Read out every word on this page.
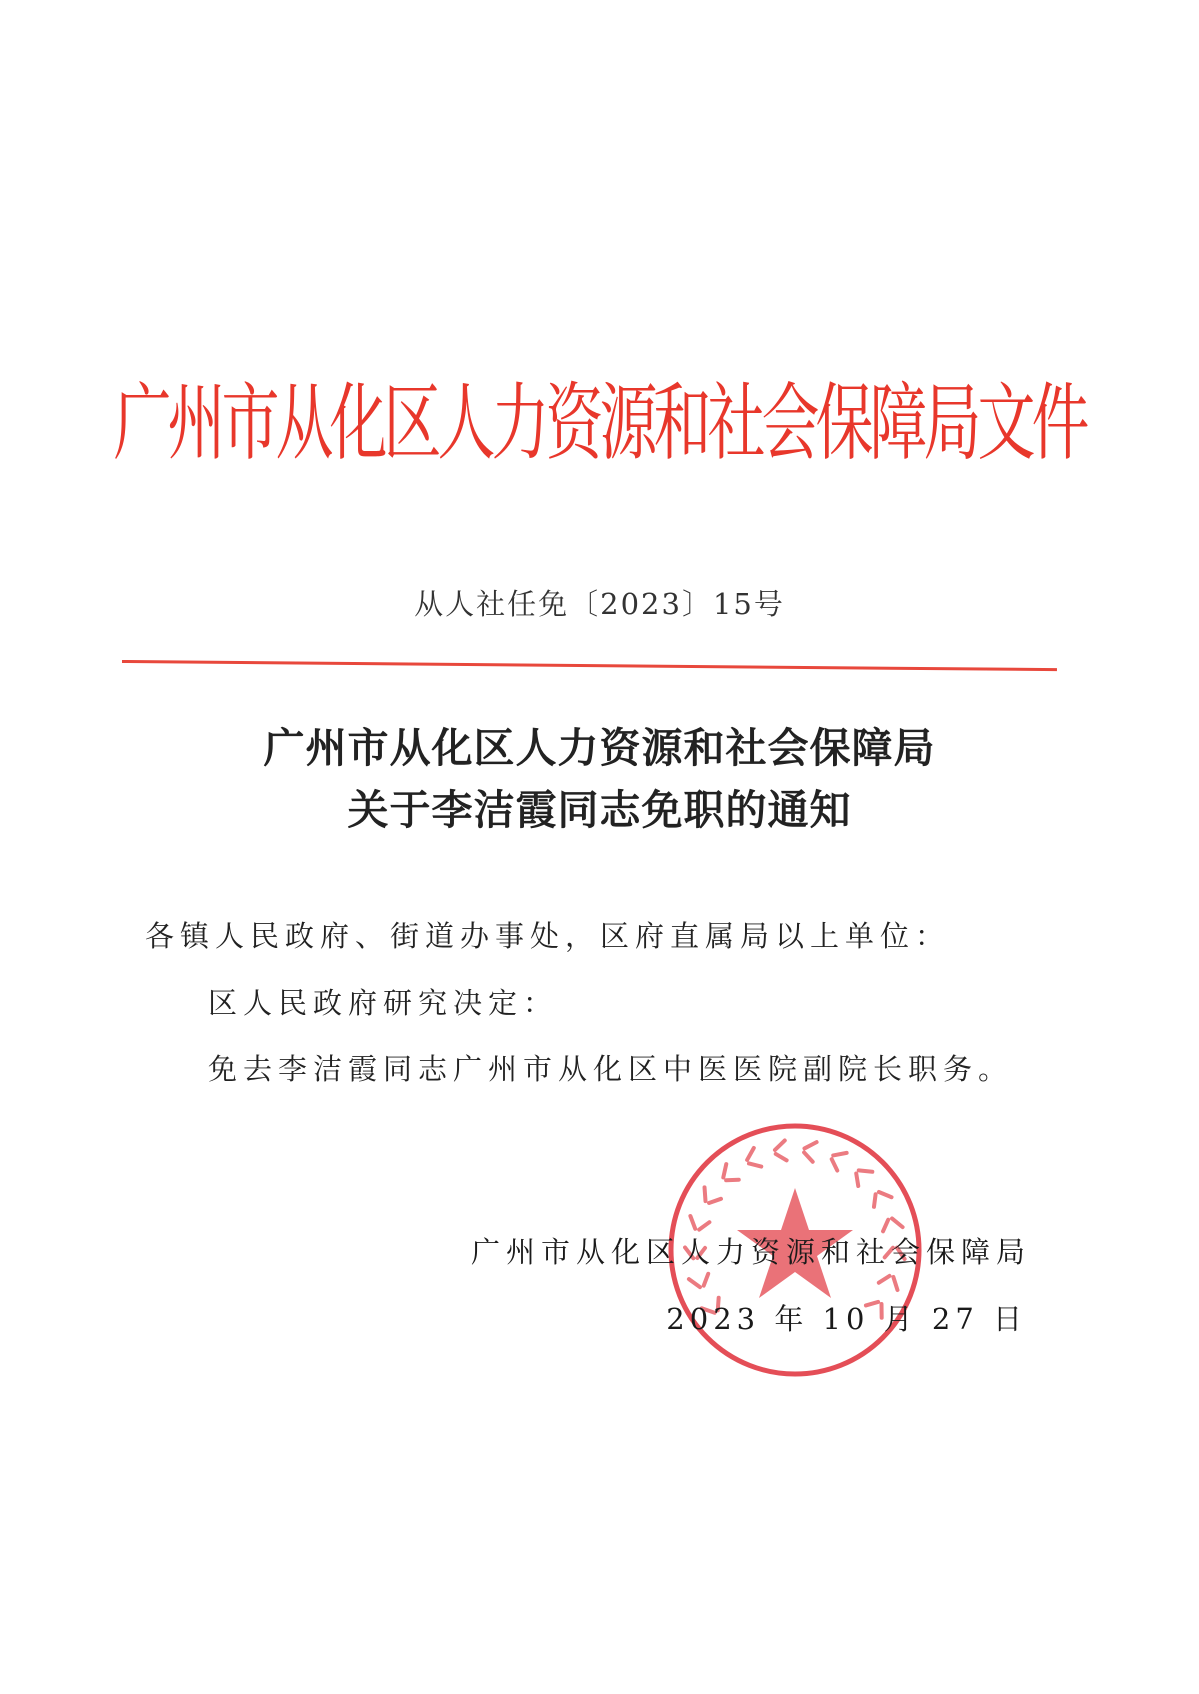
广州市从化区人力资源和社会保障局文件
从人社任免〔2023〕15号
广州市从化区人力资源和社会保障局
关于李洁霞同志免职的通知
各镇人民政府、街道办事处，区府直属局以上单位：
区人民政府研究决定：
免去李洁霞同志广州市从化区中医医院副院长职务。
广州市从化区人力资源和社会保障局
2023 年 10 月 27 日
